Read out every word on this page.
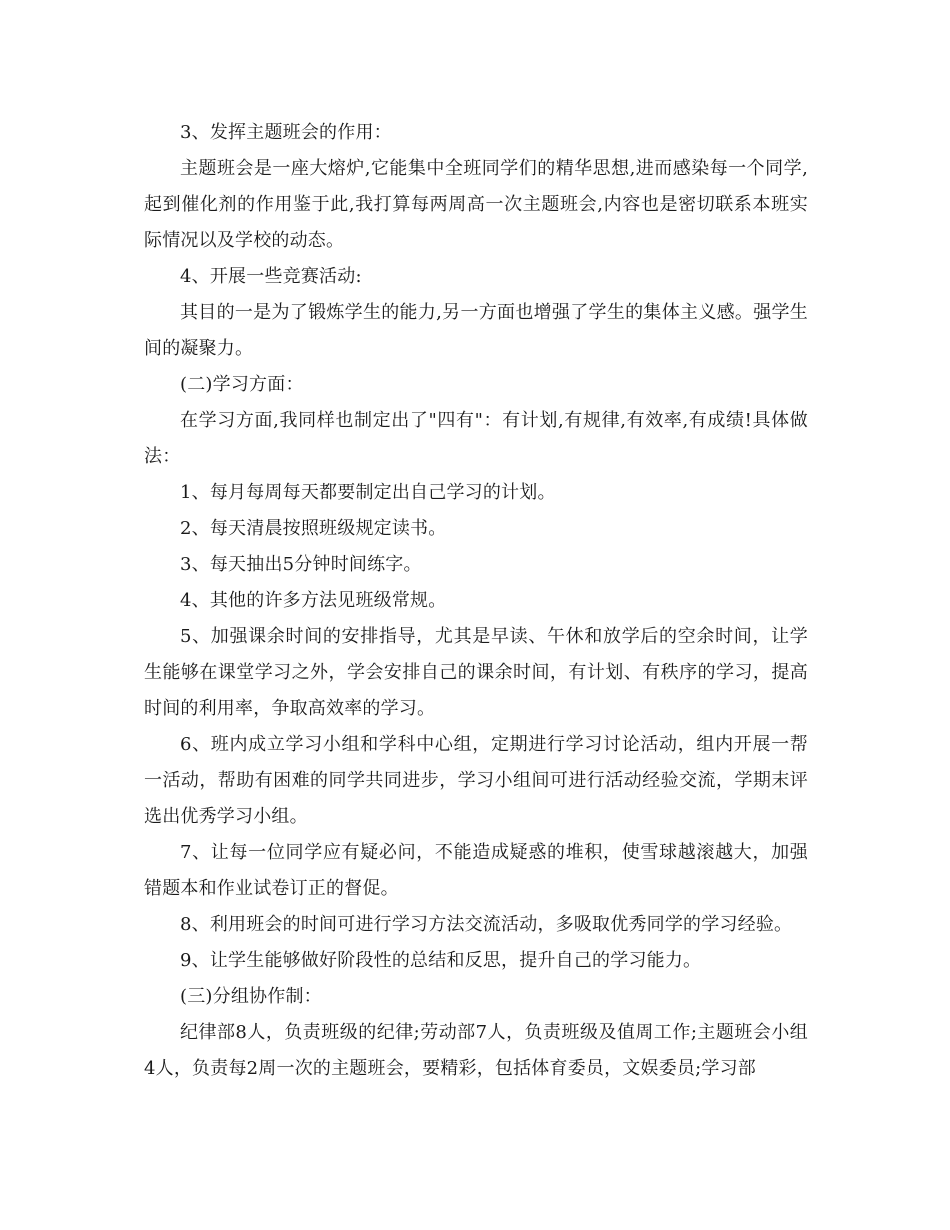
3、发挥主题班会的作用：

主题班会是一座大熔炉,它能集中全班同学们的精华思想,进而感染每一个同学,起到催化剂的作用鉴于此,我打算每两周高一次主题班会,内容也是密切联系本班实际情况以及学校的动态。

4、开展一些竞赛活动:

其目的一是为了锻炼学生的能力,另一方面也增强了学生的集体主义感。强学生间的凝聚力。

(二)学习方面：

在学习方面,我同样也制定出了"四有"：有计划,有规律,有效率,有成绩!具体做法：

1、每月每周每天都要制定出自己学习的计划。

2、每天清晨按照班级规定读书。

3、每天抽出5分钟时间练字。

4、其他的许多方法见班级常规。

5、加强课余时间的安排指导，尤其是早读、午休和放学后的空余时间，让学生能够在课堂学习之外，学会安排自己的课余时间，有计划、有秩序的学习，提高时间的利用率，争取高效率的学习。

6、班内成立学习小组和学科中心组，定期进行学习讨论活动，组内开展一帮一活动，帮助有困难的同学共同进步，学习小组间可进行活动经验交流，学期末评选出优秀学习小组。

7、让每一位同学应有疑必问，不能造成疑惑的堆积，使雪球越滚越大，加强错题本和作业试卷订正的督促。

8、利用班会的时间可进行学习方法交流活动，多吸取优秀同学的学习经验。

9、让学生能够做好阶段性的总结和反思，提升自己的学习能力。

(三)分组协作制：

纪律部8人，负责班级的纪律;劳动部7人，负责班级及值周工作;主题班会小组4人，负责每2周一次的主题班会，要精彩，包括体育委员，文娱委员;学习部
